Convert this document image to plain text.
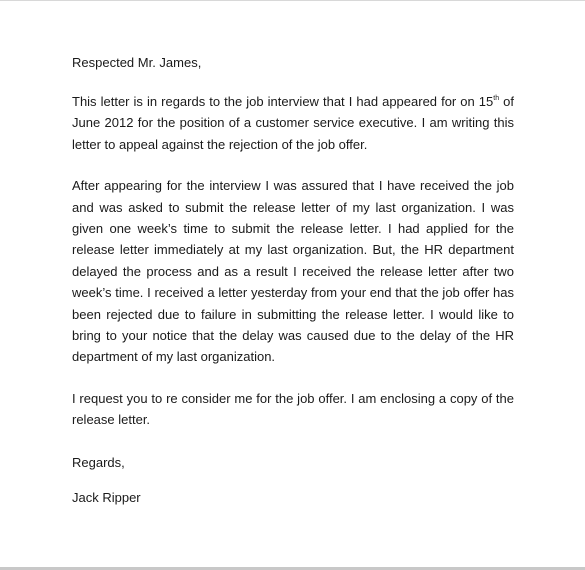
Respected Mr. James,

This letter is in regards to the job interview that I had appeared for on 15th of June 2012 for the position of a customer service executive. I am writing this letter to appeal against the rejection of the job offer.

After appearing for the interview I was assured that I have received the job and was asked to submit the release letter of my last organization. I was given one week’s time to submit the release letter. I had applied for the release letter immediately at my last organization. But, the HR department delayed the process and as a result I received the release letter after two week’s time. I received a letter yesterday from your end that the job offer has been rejected due to failure in submitting the release letter. I would like to bring to your notice that the delay was caused due to the delay of the HR department of my last organization.

I request you to re consider me for the job offer. I am enclosing a copy of the release letter.

Regards,

Jack Ripper
